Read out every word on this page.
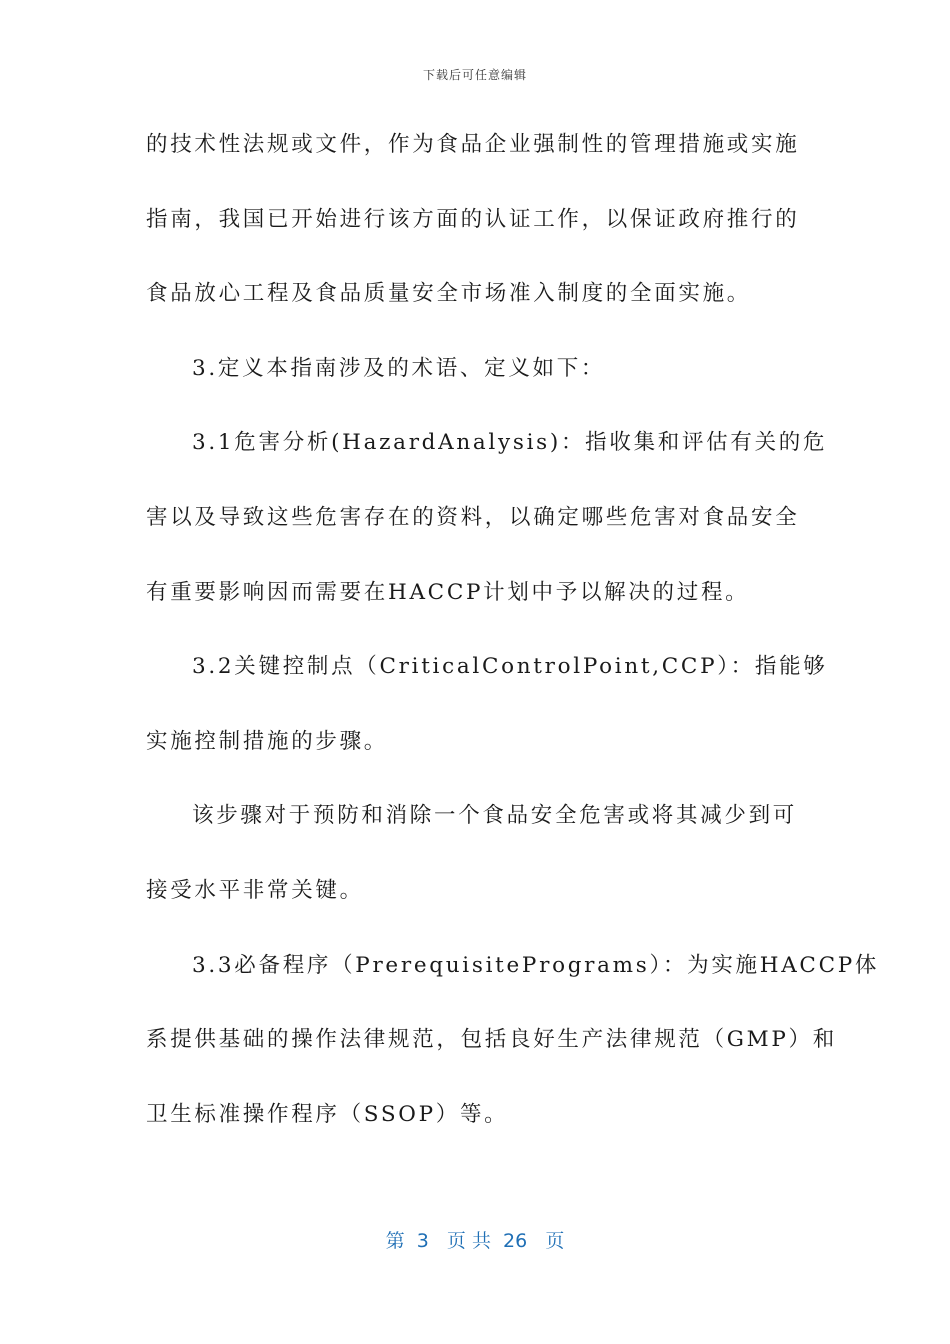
下载后可任意编辑
的技术性法规或文件，作为食品企业强制性的管理措施或实施
指南，我国已开始进行该方面的认证工作，以保证政府推行的
食品放心工程及食品质量安全市场准入制度的全面实施。
3.定义本指南涉及的术语、定义如下：
3.1危害分析(HazardAnalysis)：指收集和评估有关的危
害以及导致这些危害存在的资料，以确定哪些危害对食品安全
有重要影响因而需要在HACCP计划中予以解决的过程。
3.2关键控制点（CriticalControlPoint,CCP）：指能够
实施控制措施的步骤。
该步骤对于预防和消除一个食品安全危害或将其减少到可
接受水平非常关键。
3.3必备程序（PrerequisitePrograms）：为实施HACCP体
系提供基础的操作法律规范，包括良好生产法律规范（GMP）和
卫生标准操作程序（SSOP）等。
第  3   页 共  26   页
